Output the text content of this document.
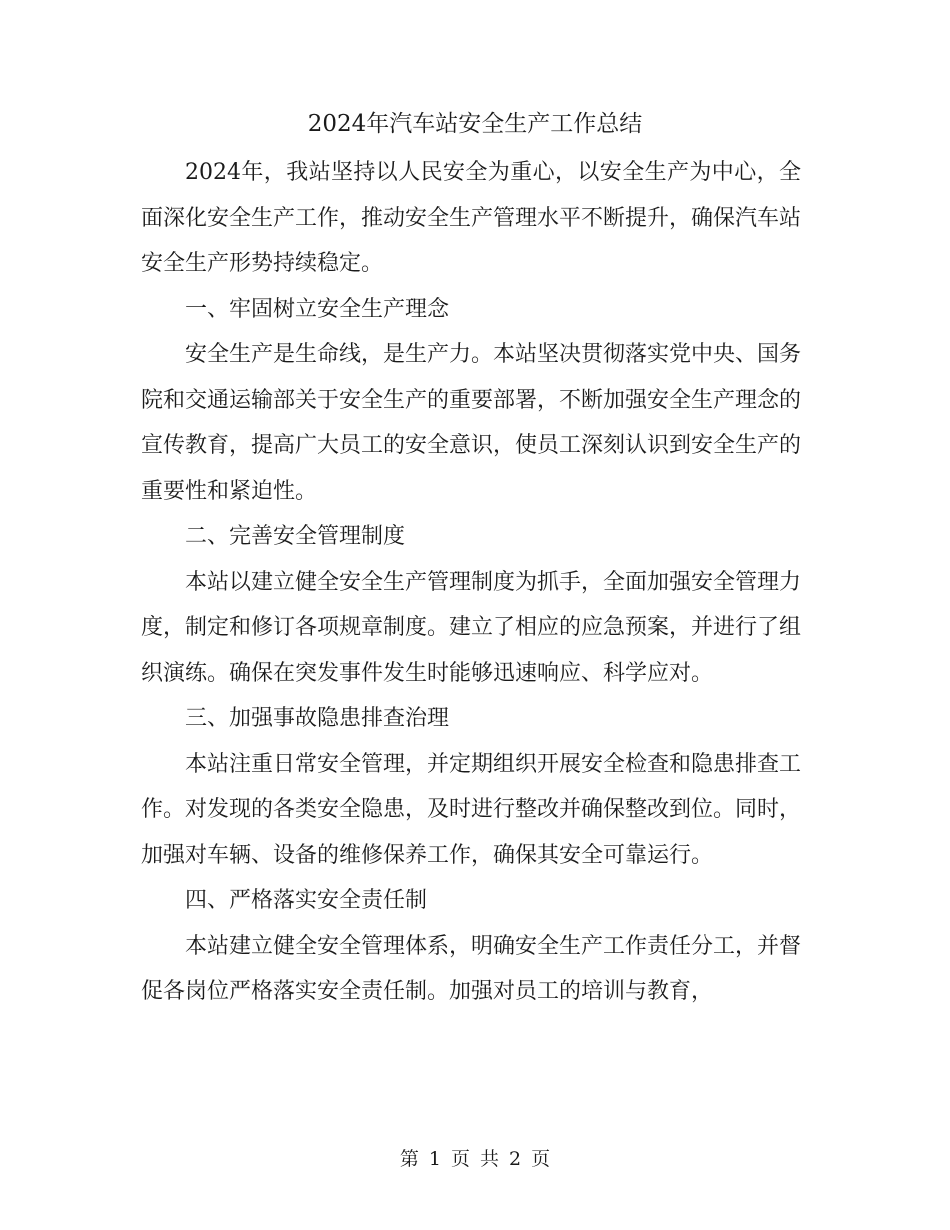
2024年汽车站安全生产工作总结

2024年，我站坚持以人民安全为重心，以安全生产为中心，全面深化安全生产工作，推动安全生产管理水平不断提升，确保汽车站安全生产形势持续稳定。

一、牢固树立安全生产理念

安全生产是生命线，是生产力。本站坚决贯彻落实党中央、国务院和交通运输部关于安全生产的重要部署，不断加强安全生产理念的宣传教育，提高广大员工的安全意识，使员工深刻认识到安全生产的重要性和紧迫性。

二、完善安全管理制度

本站以建立健全安全生产管理制度为抓手，全面加强安全管理力度，制定和修订各项规章制度。建立了相应的应急预案，并进行了组织演练。确保在突发事件发生时能够迅速响应、科学应对。

三、加强事故隐患排查治理

本站注重日常安全管理，并定期组织开展安全检查和隐患排查工作。对发现的各类安全隐患，及时进行整改并确保整改到位。同时，加强对车辆、设备的维修保养工作，确保其安全可靠运行。

四、严格落实安全责任制

本站建立健全安全管理体系，明确安全生产工作责任分工，并督促各岗位严格落实安全责任制。加强对员工的培训与教育，

第 1 页 共 2 页
